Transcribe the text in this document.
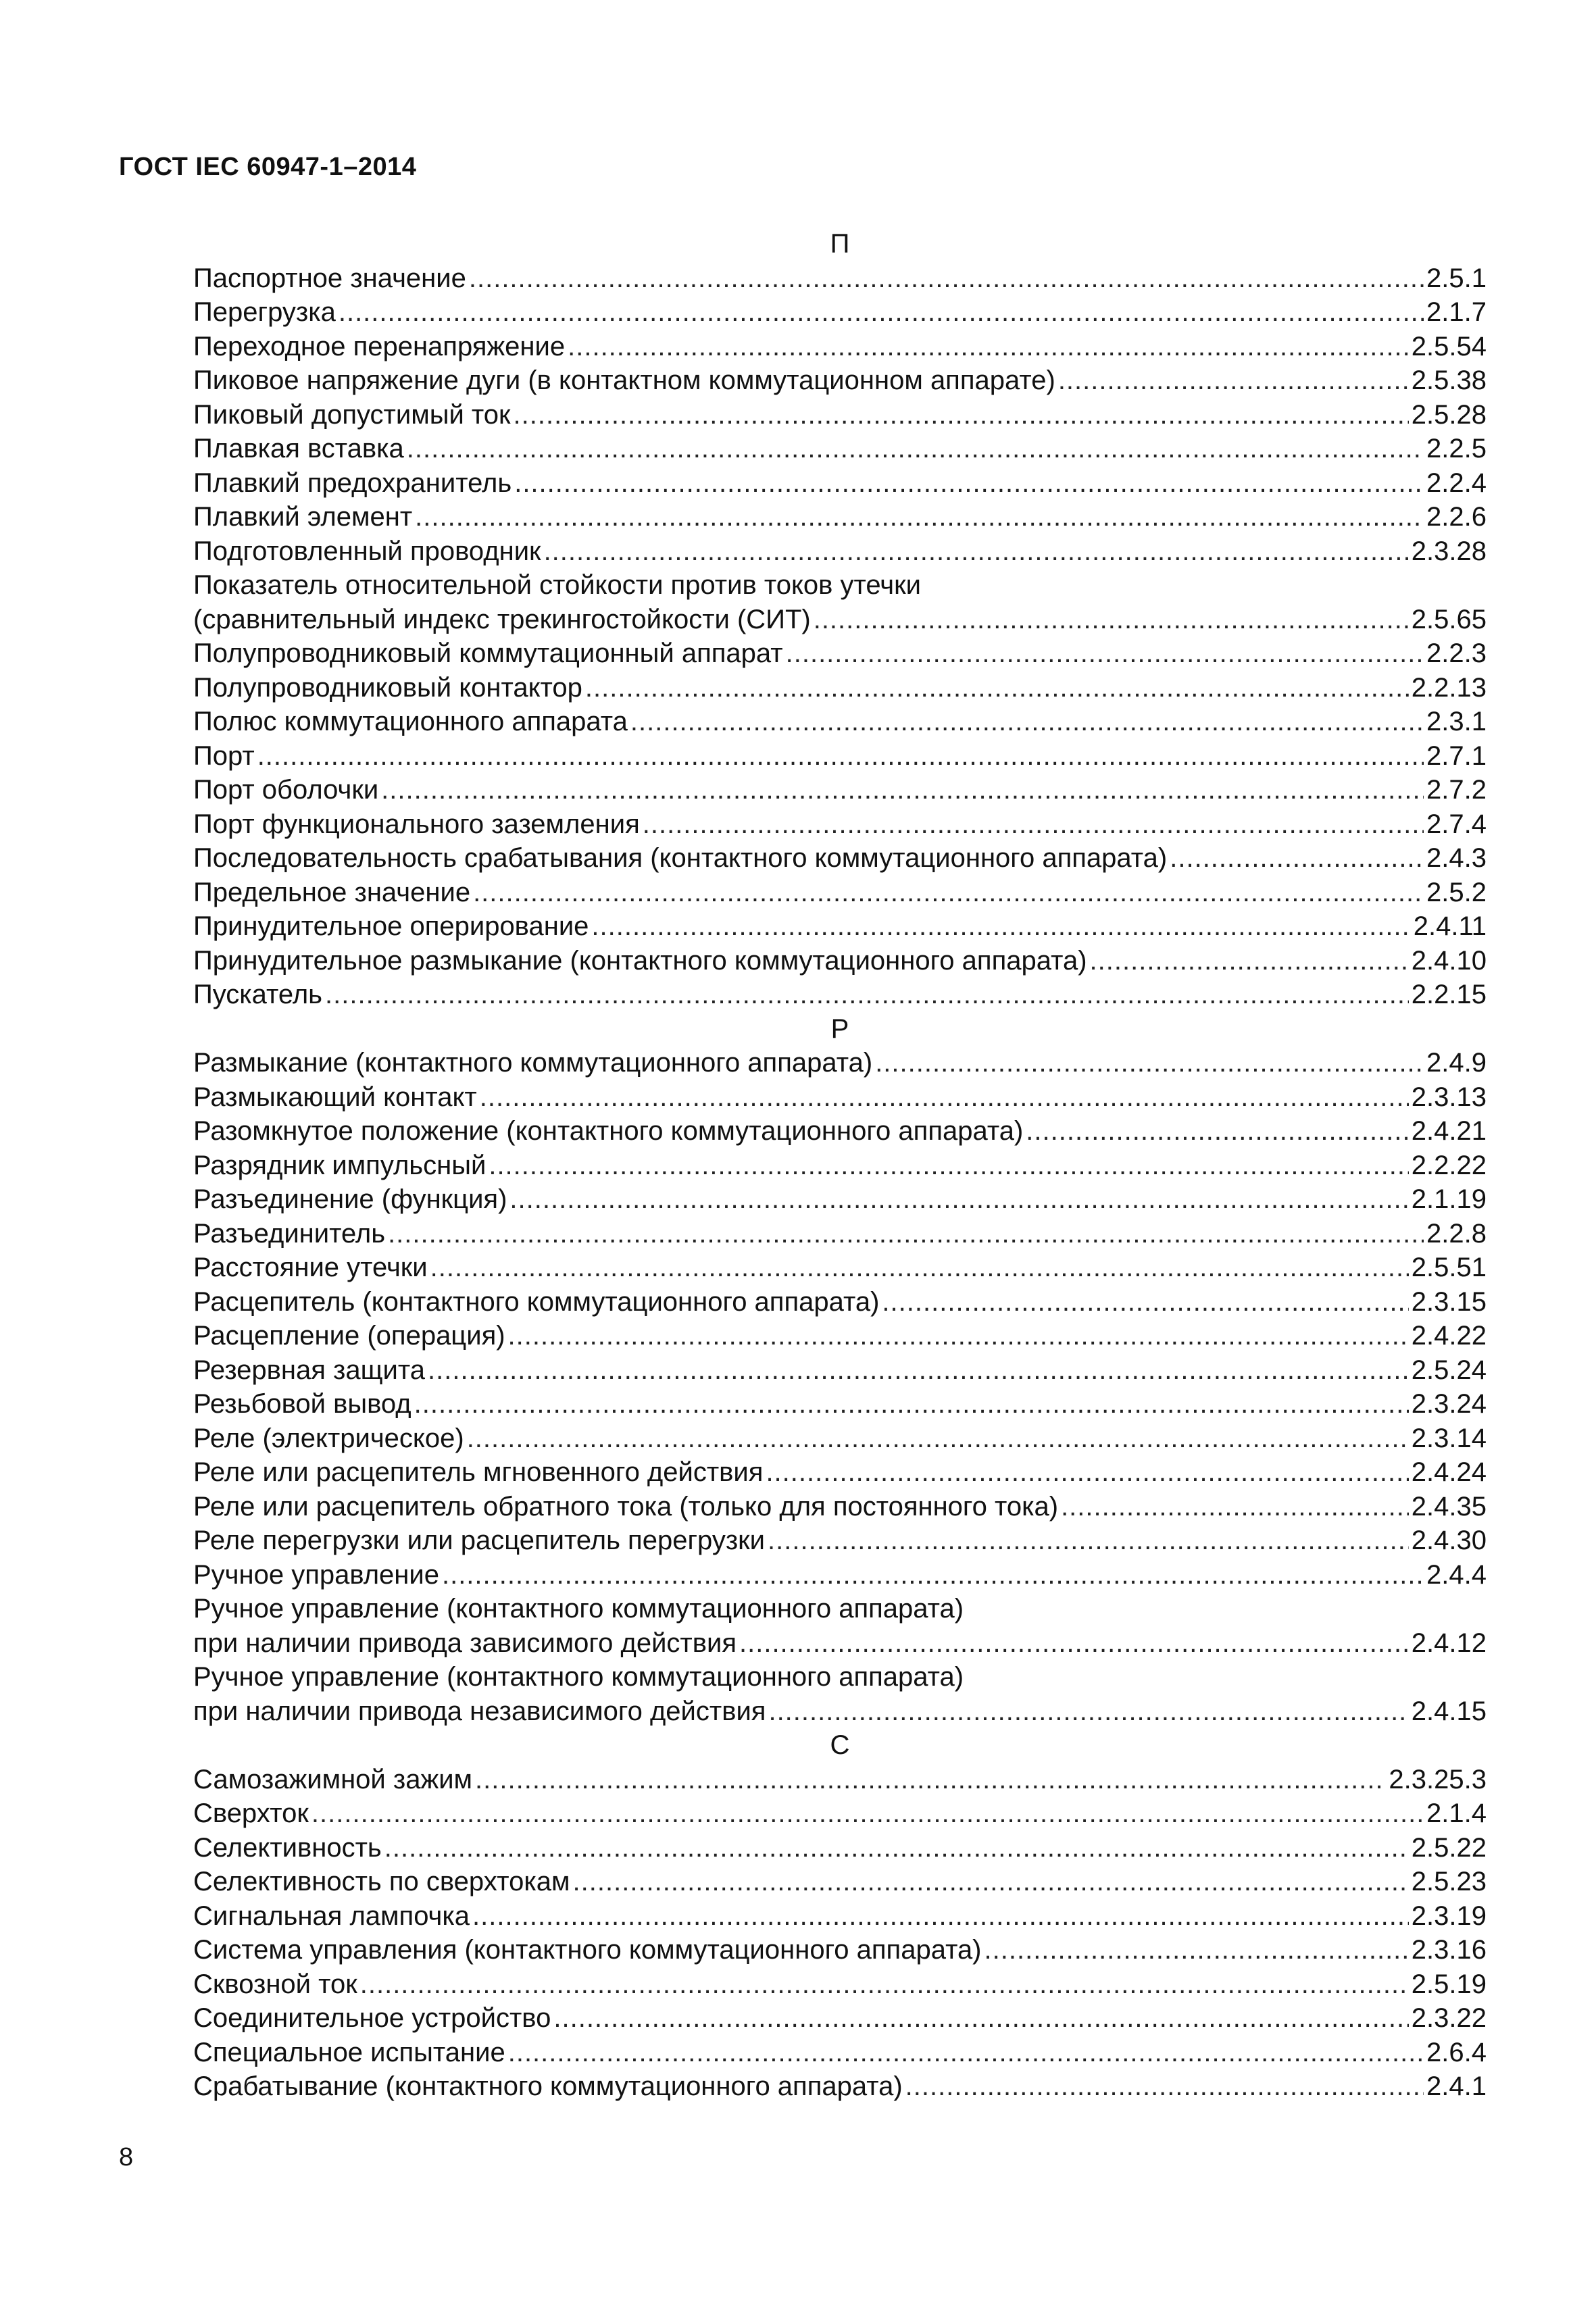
ГОСТ IEC 60947-1–2014
П
Паспортное значение .....	2.5.1
Перегрузка .....	2.1.7
Переходное перенапряжение .....	2.5.54
Пиковое напряжение дуги (в контактном коммутационном аппарате) .....	2.5.38
Пиковый допустимый ток .....	2.5.28
Плавкая вставка .....	2.2.5
Плавкий предохранитель .....	2.2.4
Плавкий элемент .....	2.2.6
Подготовленный проводник .....	2.3.28
Показатель относительной стойкости против токов утечки
(сравнительный индекс трекингостойкости (СИТ) .....	2.5.65
Полупроводниковый коммутационный аппарат .....	2.2.3
Полупроводниковый контактор .....	2.2.13
Полюс коммутационного аппарата .....	2.3.1
Порт .....	2.7.1
Порт оболочки .....	2.7.2
Порт функционального заземления .....	2.7.4
Последовательность срабатывания (контактного коммутационного аппарата) .....	2.4.3
Предельное значение .....	2.5.2
Принудительное оперирование .....	2.4.11
Принудительное размыкание (контактного коммутационного аппарата) .....	2.4.10
Пускатель .....	2.2.15
Р
Размыкание (контактного коммутационного аппарата) .....	2.4.9
Размыкающий контакт .....	2.3.13
Разомкнутое положение (контактного коммутационного аппарата) .....	2.4.21
Разрядник импульсный .....	2.2.22
Разъединение (функция) .....	2.1.19
Разъединитель .....	2.2.8
Расстояние утечки .....	2.5.51
Расцепитель (контактного коммутационного аппарата) .....	2.3.15
Расцепление (операция) .....	2.4.22
Резервная защита .....	2.5.24
Резьбовой вывод .....	2.3.24
Реле (электрическое) .....	2.3.14
Реле или расцепитель мгновенного действия .....	2.4.24
Реле или расцепитель обратного тока (только для постоянного тока) .....	2.4.35
Реле перегрузки или расцепитель перегрузки .....	2.4.30
Ручное управление .....	2.4.4
Ручное управление (контактного коммутационного аппарата)
при наличии привода зависимого действия .....	2.4.12
Ручное управление (контактного коммутационного аппарата)
при наличии привода независимого действия .....	2.4.15
С
Самозажимной зажим .....	2.3.25.3
Сверхток .....	2.1.4
Селективность .....	2.5.22
Селективность по сверхтокам .....	2.5.23
Сигнальная лампочка .....	2.3.19
Система управления (контактного коммутационного аппарата) .....	2.3.16
Сквозной ток .....	2.5.19
Соединительное устройство .....	2.3.22
Специальное испытание .....	2.6.4
Срабатывание (контактного коммутационного аппарата) .....	2.4.1
8
